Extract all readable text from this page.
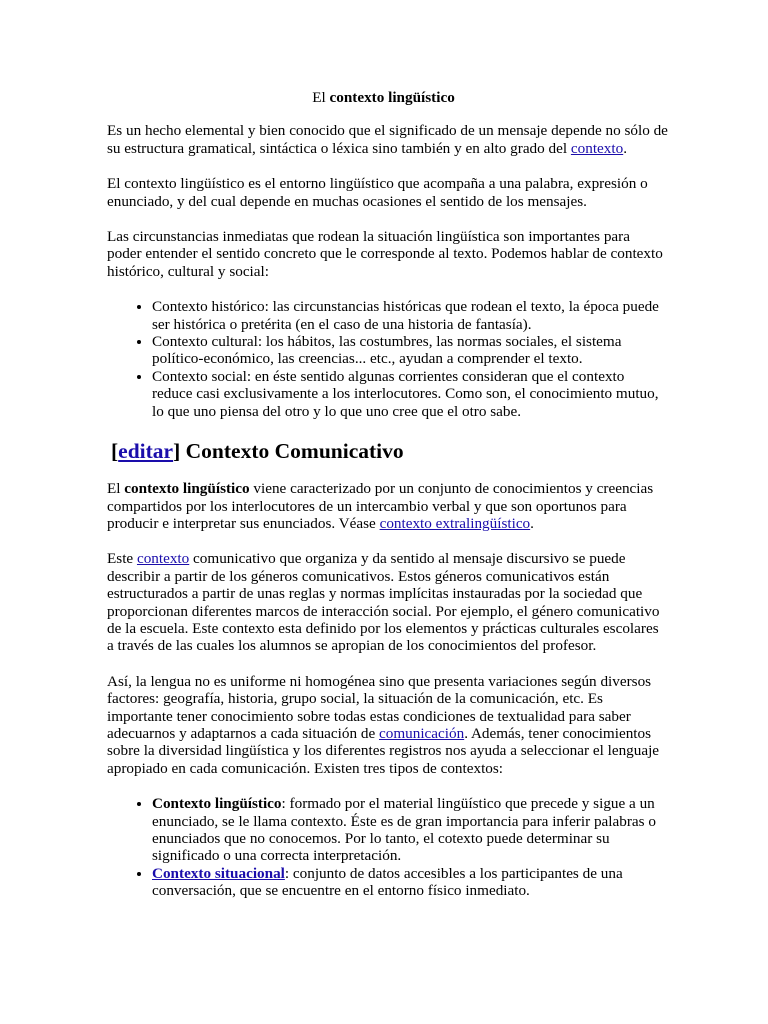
El contexto lingüístico

Es un hecho elemental y bien conocido que el significado de un mensaje depende no sólo de su estructura gramatical, sintáctica o léxica sino también y en alto grado del contexto.

El contexto lingüístico es el entorno lingüístico que acompaña a una palabra, expresión o enunciado, y del cual depende en muchas ocasiones el sentido de los mensajes.

Las circunstancias inmediatas que rodean la situación lingüística son importantes para poder entender el sentido concreto que le corresponde al texto. Podemos hablar de contexto histórico, cultural y social:

• Contexto histórico: las circunstancias históricas que rodean el texto, la época puede ser histórica o pretérita (en el caso de una historia de fantasía).
• Contexto cultural: los hábitos, las costumbres, las normas sociales, el sistema político-económico, las creencias... etc., ayudan a comprender el texto.
• Contexto social: en éste sentido algunas corrientes consideran que el contexto reduce casi exclusivamente a los interlocutores. Como son, el conocimiento mutuo, lo que uno piensa del otro y lo que uno cree que el otro sabe.
[editar] Contexto Comunicativo

El contexto lingüístico viene caracterizado por un conjunto de conocimientos y creencias compartidos por los interlocutores de un intercambio verbal y que son oportunos para producir e interpretar sus enunciados. Véase contexto extralingüístico.

Este contexto comunicativo que organiza y da sentido al mensaje discursivo se puede describir a partir de los géneros comunicativos. Estos géneros comunicativos están estructurados a partir de unas reglas y normas implícitas instauradas por la sociedad que proporcionan diferentes marcos de interacción social. Por ejemplo, el género comunicativo de la escuela. Este contexto esta definido por los elementos y prácticas culturales escolares a través de las cuales los alumnos se apropian de los conocimientos del profesor.

Así, la lengua no es uniforme ni homogénea sino que presenta variaciones según diversos factores: geografía, historia, grupo social, la situación de la comunicación, etc. Es importante tener conocimiento sobre todas estas condiciones de textualidad para saber adecuarnos y adaptarnos a cada situación de comunicación. Además, tener conocimientos sobre la diversidad lingüística y los diferentes registros nos ayuda a seleccionar el lenguaje apropiado en cada comunicación. Existen tres tipos de contextos:

• Contexto lingüístico: formado por el material lingüístico que precede y sigue a un enunciado, se le llama contexto. Éste es de gran importancia para inferir palabras o enunciados que no conocemos. Por lo tanto, el cotexto puede determinar su significado o una correcta interpretación.
• Contexto situacional: conjunto de datos accesibles a los participantes de una conversación, que se encuentre en el entorno físico inmediato.
